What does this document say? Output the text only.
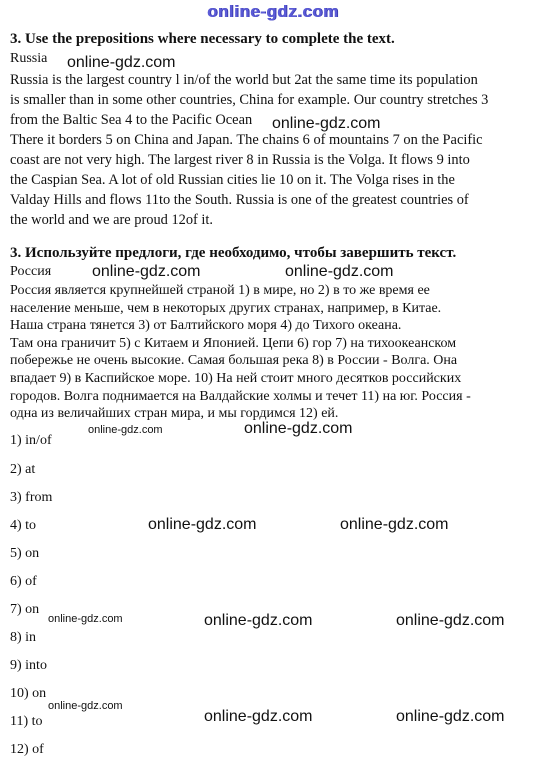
online-gdz.com
3. Use the prepositions where necessary to complete the text.
Russia online-gdz.com
Russia is the largest country l in/of the world but 2at the same time its population
is smaller than in some other countries, China for example. Our country stretches 3
from the Baltic Sea 4 to the Pacific Ocean
There it borders 5 on China and Japan. The chains 6 of mountains 7 on the Pacific
coast are not very high. The largest river 8 in Russia is the Volga. It flows 9 into
the Caspian Sea. A lot of old Russian cities lie 10 on it. The Volga rises in the
Valday Hills and flows 11to the South. Russia is one of the greatest countries of
the world and we are proud 12of it.
online-gdz.com
3. Используйте предлоги, где необходимо, чтобы завершить текст.
Россия	online-gdz.com	online-gdz.com
Россия является крупнейшей страной 1) в мире, но 2) в то же время ее
население меньше, чем в некоторых других странах, например, в Китае.
Наша страна тянется 3) от Балтийского моря 4) до Тихого океана.
Там она граничит 5) с Китаем и Японией. Цепи 6) гор 7) на тихоокеанском
побережье не очень высокие. Самая большая река 8) в России - Волга. Она
впадает 9) в Каспийское море. 10) На ней стоит много десятков российских
городов. Волга поднимается на Валдайские холмы и течет 11) на юг. Россия -
одна из величайших стран мира, и мы гордимся 12) ей.
online-gdz.com	online-gdz.com
1) in/of
2) at
3) from
4) to
5) on
6) of
7) on
8) in
9) into
10) on
11) to
12) of
online-gdz.com	online-gdz.com
online-gdz.com	online-gdz.com	online-gdz.com
online-gdz.com
online-gdz.com	online-gdz.com
